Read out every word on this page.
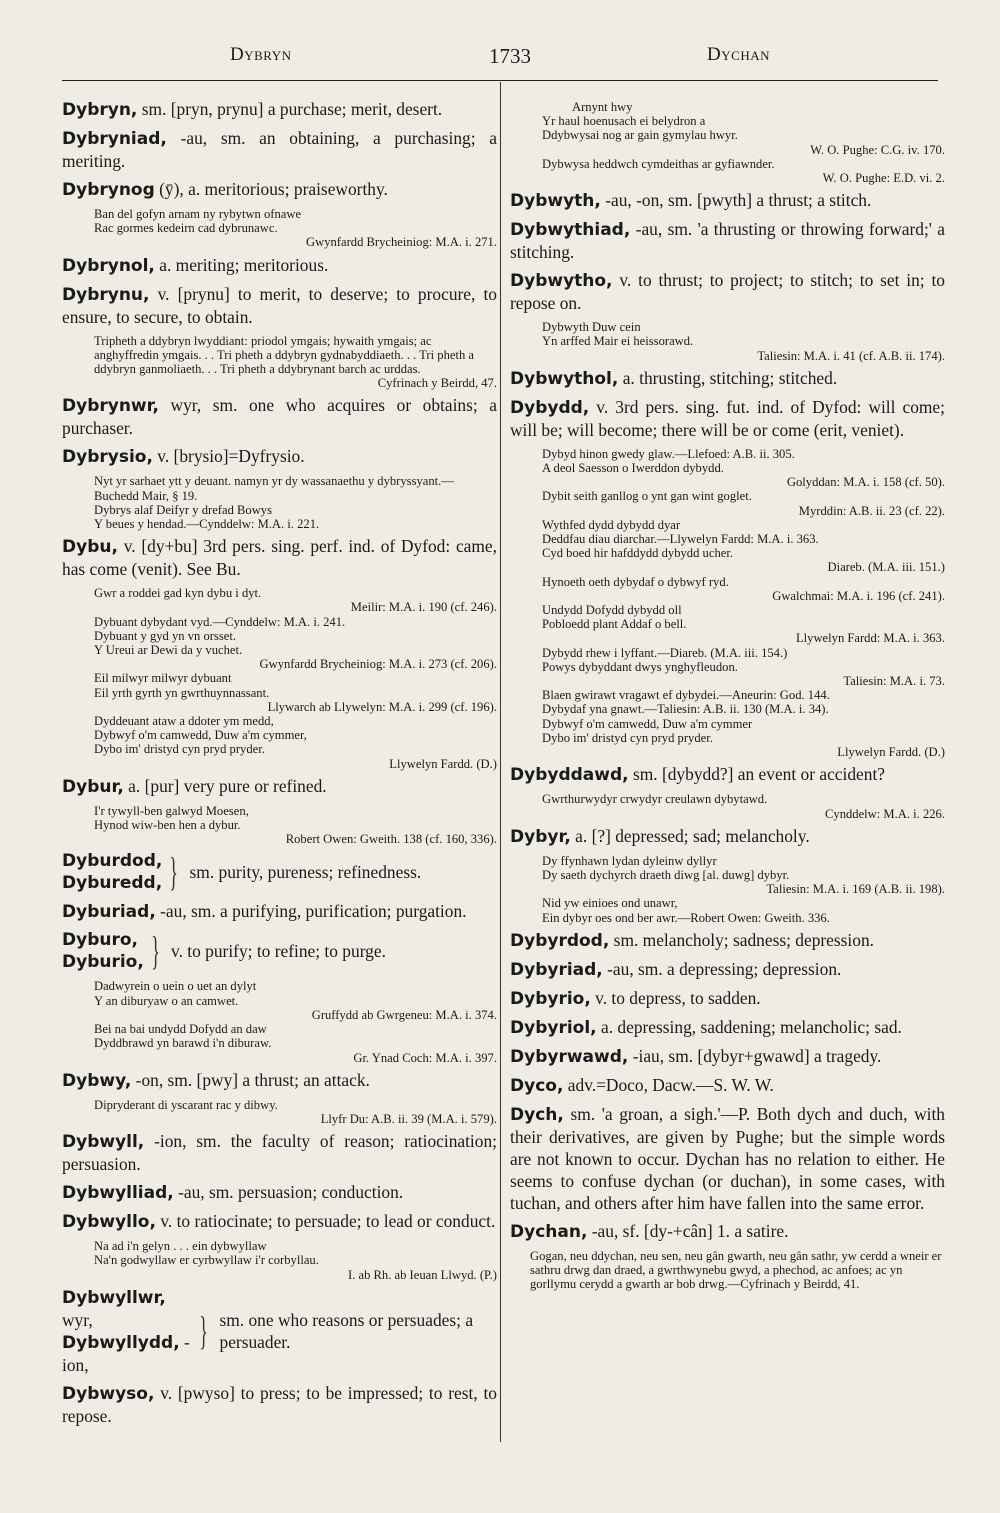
Dybryn	1733	Dychan

Dybryn, sm. [pryn, prynu] a purchase; merit, desert.

Dybryniad, -au, sm. an obtaining, a purchasing; a meriting.

Dybrynog (ȳ), a. meritorious; praiseworthy.

Ban del gofyn arnam ny rybytwn ofnawe
Rac gormes kedeirn cad dybrunawc.
Gwynfardd Brycheiniog: M.A. i. 271.

Dybrynol, a. meriting; meritorious.

Dybrynu, v. [prynu] to merit, to deserve; to procure, to ensure, to secure, to obtain.

Tripheth a ddybryn lwyddiant: priodol ymgais; hywaith ymgais; ac anghyffredin ymgais. . . Tri pheth a ddybryn gydnabyddiaeth. . . Tri pheth a ddybryn ganmoliaeth. . . Tri pheth a ddybrynant barch ac urddas.
Cyfrinach y Beirdd, 47.

Dybrynwr, wyr, sm. one who acquires or obtains; a purchaser.

Dybrysio, v. [brysio]=Dyfrysio.

Nyt yr sarhaet ytt y deuant. namyn yr dy wassanaethu y dybryssyant.—Buchedd Mair, § 19.
Dybrys alaf Deifyr y drefad Bowys
Y beues y hendad.—Cynddelw: M.A. i. 221.

Dybu, v. [dy+bu] 3rd pers. sing. perf. ind. of Dyfod: came, has come (venit). See Bu.

Gwr a roddei gad kyn dybu i dyt.
Meilir: M.A. i. 190 (cf. 246).
Dybuant dybydant vyd.—Cynddelw: M.A. i. 241.
Dybuant y gyd yn vn orsset.
Y Ureui ar Dewi da y vuchet.
Gwynfardd Brycheiniog: M.A. i. 273 (cf. 206).
Eil milwyr milwyr dybuant
Eil yrth gyrth yn gwrthuynnassant.
Llywarch ab Llywelyn: M.A. i. 299 (cf. 196).
Dyddeuant ataw a ddoter ym medd,
Dybwyf o'm camwedd, Duw a'm cymmer,
Dybo im' dristyd cyn pryd pryder.
Llywelyn Fardd. (D.)

Dybur, a. [pur] very pure or refined.

I'r tywyll-ben galwyd Moesen,
Hynod wiw-ben hen a dybur.
Robert Owen: Gweith. 138 (cf. 160, 336).
Dyburdod,
Dyburedd, } sm. purity, pureness; refinedness.

Dyburiad, -au, sm. a purifying, purification; purgation.

Dyburo,
Dyburio, } v. to purify; to refine; to purge.
Dadwyrein o uein o uet an dylyt
Y an diburyaw o an camwet.
Gruffydd ab Gwrgeneu: M.A. i. 374.
Bei na bai undydd Dofydd an daw
Dyddbrawd yn barawd i'n diburaw.
Gr. Ynad Coch: M.A. i. 397.

Dybwy, -on, sm. [pwy] a thrust; an attack.

Dipryderant di yscarant rac y dibwy.
Llyfr Du: A.B. ii. 39 (M.A. i. 579).

Dybwyll, -ion, sm. the faculty of reason; ratiocination; persuasion.

Dybwylliad, -au, sm. persuasion; conduction.

Dybwyllo, v. to ratiocinate; to persuade; to lead or conduct.

Na ad i'n gelyn . . . ein dybwyllaw
Na'n godwyllaw er cyrbwyllaw i'r corbyllau.
I. ab Rh. ab Ieuan Llwyd. (P.)
Dybwyllwr, wyr,
Dybwyllydd, -ion,
} sm. one who reasons or persuades; a persuader.

Dybwyso, v. [pwyso] to press; to be impressed; to rest, to repose.

Arnynt hwy
Yr haul hoenusach ei belydron a
Ddybwysai nog ar gain gymylau hwyr.
W. O. Pughe: C.G. iv. 170.
Dybwysa heddwch cymdeithas ar gyfiawnder.
W. O. Pughe: E.D. vi. 2.

Dybwyth, -au, -on, sm. [pwyth] a thrust; a stitch.

Dybwythiad, -au, sm. 'a thrusting or throwing forward;' a stitching.

Dybwytho, v. to thrust; to project; to stitch; to set in; to repose on.

Dybwyth Duw cein
Yn arffed Mair ei heissorawd.
Taliesin: M.A. i. 41 (cf. A.B. ii. 174).

Dybwythol, a. thrusting, stitching; stitched.

Dybydd, v. 3rd pers. sing. fut. ind. of Dyfod: will come; will be; will become; there will be or come (erit, veniet).

Dybyd hinon gwedy glaw.—Llefoed: A.B. ii. 305.
A deol Saesson o Iwerddon dybydd.
Golyddan: M.A. i. 158 (cf. 50).
Dybit seith ganllog o ynt gan wint goglet.
Myrddin: A.B. ii. 23 (cf. 22).
Wythfed dydd dybydd dyar
Deddfau diau diarchar.—Llywelyn Fardd: M.A. i. 363.
Cyd boed hir hafddydd dybydd ucher.
Diareb. (M.A. iii. 151.)
Hynoeth oeth dybydaf o dybwyf ryd.
Gwalchmai: M.A. i. 196 (cf. 241).
Undydd Dofydd dybydd oll
Pobloedd plant Addaf o bell.
Llywelyn Fardd: M.A. i. 363.
Dybydd rhew i lyffant.—Diareb. (M.A. iii. 154.)
Powys dybyddant dwys ynghyfleudon.
Taliesin: M.A. i. 73.
Blaen gwirawt vragawt ef dybydei.—Aneurin: God. 144.
Dybydaf yna gnawt.—Taliesin: A.B. ii. 130 (M.A. i. 34).
Dybwyf o'm camwedd, Duw a'm cymmer
Dybo im' dristyd cyn pryd pryder.
Llywelyn Fardd. (D.)

Dybyddawd, sm. [dybydd?] an event or accident?

Gwrthurwydyr crwydyr creulawn dybytawd.
Cynddelw: M.A. i. 226.

Dybyr, a. [?] depressed; sad; melancholy.

Dy ffynhawn lydan dyleinw dyllyr
Dy saeth dychyrch draeth diwg [al. duwg] dybyr.
Taliesin: M.A. i. 169 (A.B. ii. 198).
Nid yw einioes ond unawr,
Ein dybyr oes ond ber awr.—Robert Owen: Gweith. 336.

Dybyrdod, sm. melancholy; sadness; depression.

Dybyriad, -au, sm. a depressing; depression.

Dybyrio, v. to depress, to sadden.

Dybyriol, a. depressing, saddening; melancholic; sad.

Dybyrwawd, -iau, sm. [dybyr+gwawd] a tragedy.

Dyco, adv.=Doco, Dacw.—S. W. W.

Dych, sm. 'a groan, a sigh.'—P. Both dych and duch, with their derivatives, are given by Pughe; but the simple words are not known to occur. Dychan has no relation to either. He seems to confuse dychan (or duchan), in some cases, with tuchan, and others after him have fallen into the same error.

Dychan, -au, sf. [dy-+cân] 1. a satire.

Gogan, neu ddychan, neu sen, neu gân gwarth, neu gân sathr, yw cerdd a wneir er sathru drwg dan draed, a gwrthwynebu gwyd, a phechod, ac anfoes; ac yn gorllymu cerydd a gwarth ar bob drwg.—Cyfrinach y Beirdd, 41.
